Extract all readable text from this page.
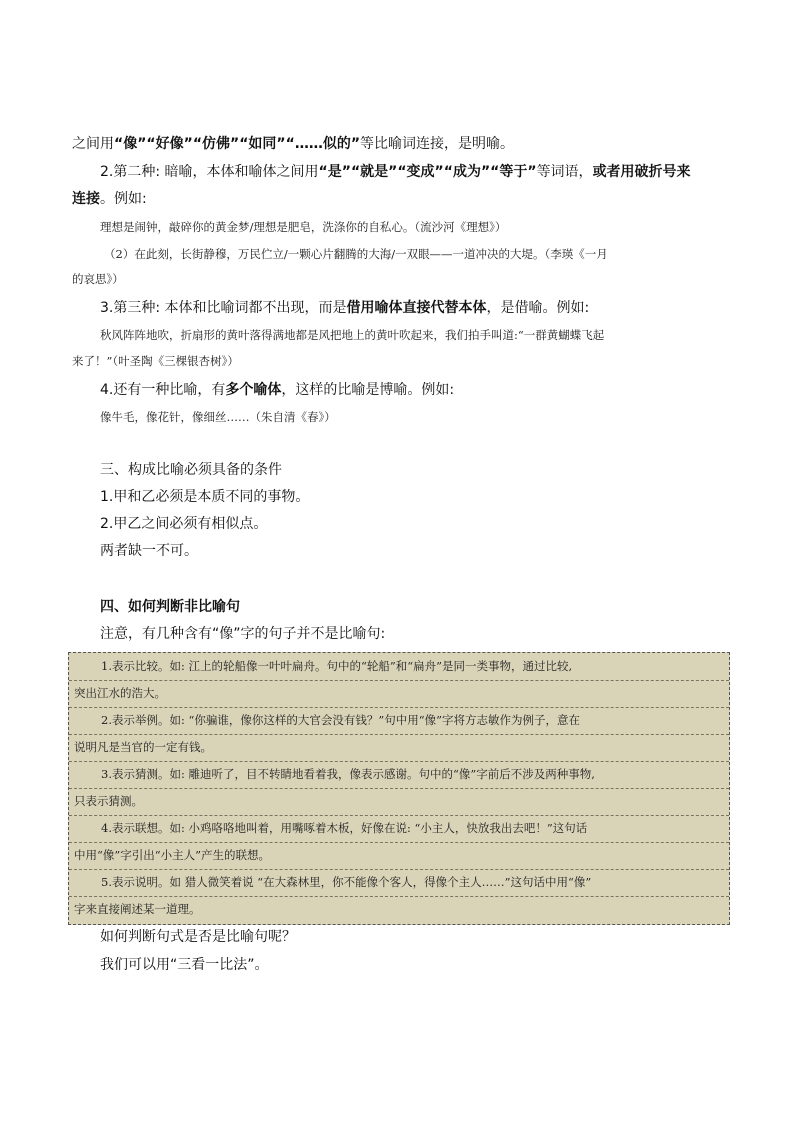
之间用“像”“好像”“仿佛”“如同”“……似的”等比喻词连接，是明喻。

2.第二种: 暗喻，本体和喻体之间用“是”“就是”“变成”“成为”“等于”等词语，或者用破折号来

连接。例如:

理想是闹钟，敲碎你的黄金梦/理想是肥皂，洗涤你的自私心。（流沙河《理想》）

（2）在此刻，长街静穆，万民伫立/一颗心片翻腾的大海/一双眼——一道冲决的大堤。（李瑛《一月

的哀思》）

3.第三种: 本体和比喻词都不出现，而是借用喻体直接代替本体，是借喻。例如:

秋风阵阵地吹，折扇形的黄叶落得满地都是风把地上的黄叶吹起来，我们拍手叫道:“一群黄蝴蝶飞起

来了！”（叶圣陶《三棵银杏树》）

4.还有一种比喻，有多个喻体，这样的比喻是博喻。例如:

像牛毛，像花针，像细丝……（朱自清《春》）

三、构成比喻必须具备的条件

1.甲和乙必须是本质不同的事物。

2.甲乙之间必须有相似点。

两者缺一不可。

四、如何判断非比喻句

注意，有几种含有“像”字的句子并不是比喻句:

1.表示比较。如: 江上的轮船像一叶叶扁舟。句中的“轮船”和“扁舟”是同一类事物，通过比较,

突出江水的浩大。

2.表示举例。如: “你骗谁，像你这样的大官会没有钱？”句中用“像”字将方志敏作为例子，意在

说明凡是当官的一定有钱。

3.表示猜测。如: 雕迪听了，目不转睛地看着我，像表示感谢。句中的“像”字前后不涉及两种事物,

只表示猜测。

4.表示联想。如: 小鸡咯咯地叫着，用嘴啄着木板，好像在说: “小主人，快放我出去吧！”这句话

中用“像”字引出“小主人”产生的联想。

5.表示说明。如 猎人微笑着说 “在大森林里，你不能像个客人，得像个主人……”这句话中用“像”

字来直接阐述某一道理。

如何判断句式是否是比喻句呢？

我们可以用“三看一比法”。
